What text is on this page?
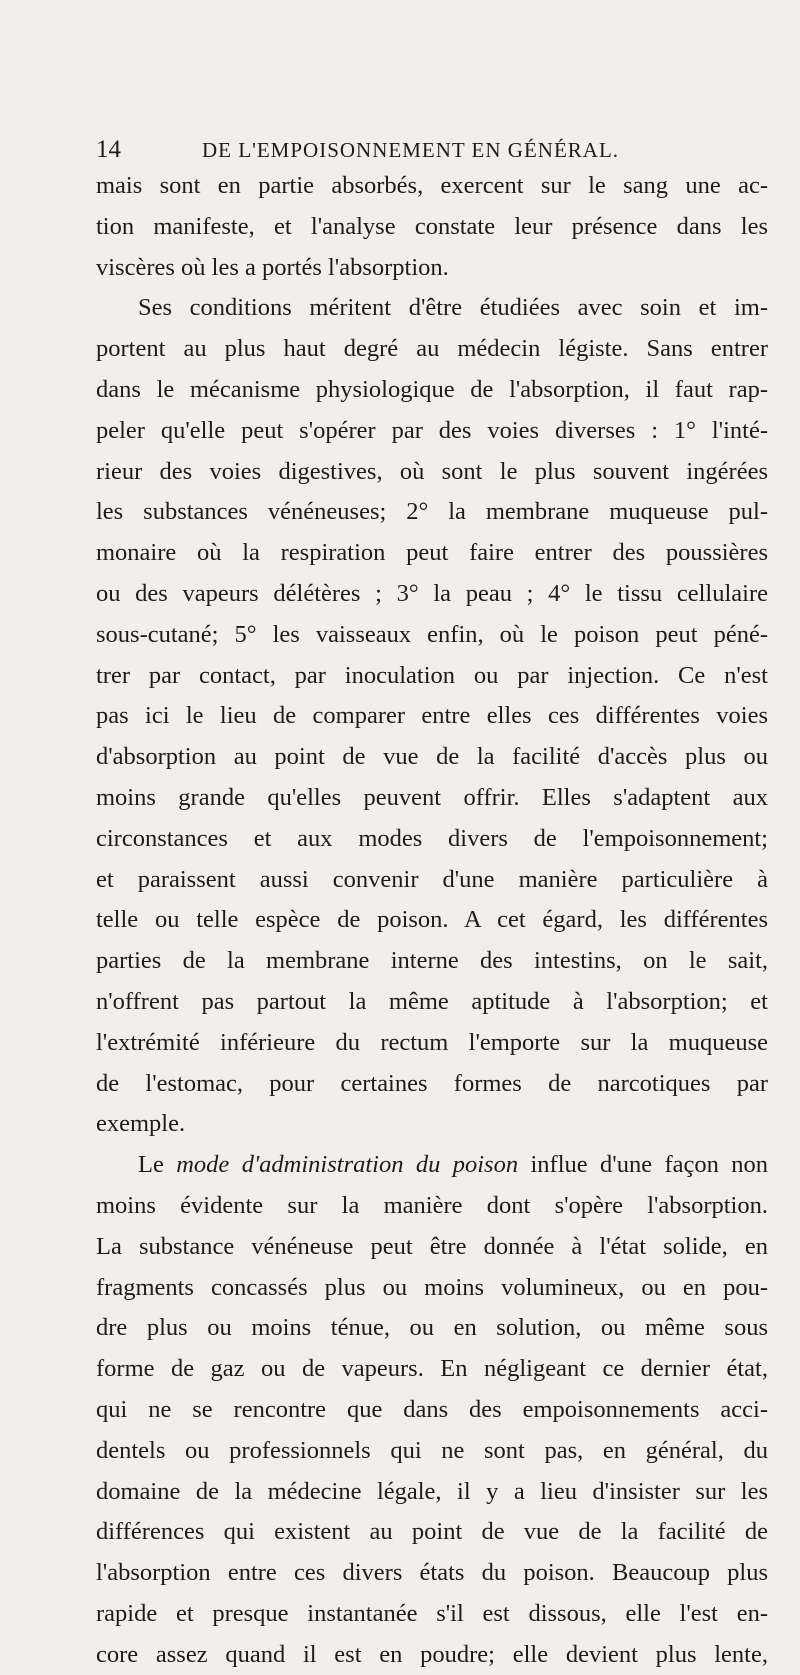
14	DE L'EMPOISONNEMENT EN GÉNÉRAL.
mais sont en partie absorbés, exercent sur le sang une ac-
tion manifeste, et l'analyse constate leur présence dans les
viscères où les a portés l'absorption.
Ses conditions méritent d'être étudiées avec soin et im-
portent au plus haut degré au médecin légiste. Sans entrer
dans le mécanisme physiologique de l'absorption, il faut rap-
peler qu'elle peut s'opérer par des voies diverses : 1° l'inté-
rieur des voies digestives, où sont le plus souvent ingérées
les substances vénéneuses; 2° la membrane muqueuse pul-
monaire où la respiration peut faire entrer des poussières
ou des vapeurs délétères ; 3° la peau ; 4° le tissu cellulaire
sous-cutané; 5° les vaisseaux enfin, où le poison peut péné-
trer par contact, par inoculation ou par injection. Ce n'est
pas ici le lieu de comparer entre elles ces différentes voies
d'absorption au point de vue de la facilité d'accès plus ou
moins grande qu'elles peuvent offrir. Elles s'adaptent aux
circonstances et aux modes divers de l'empoisonnement;
et paraissent aussi convenir d'une manière particulière à
telle ou telle espèce de poison. A cet égard, les différentes
parties de la membrane interne des intestins, on le sait,
n'offrent pas partout la même aptitude à l'absorption; et
l'extrémité inférieure du rectum l'emporte sur la muqueuse
de l'estomac, pour certaines formes de narcotiques par
exemple.
Le mode d'administration du poison influe d'une façon non
moins évidente sur la manière dont s'opère l'absorption.
La substance vénéneuse peut être donnée à l'état solide, en
fragments concassés plus ou moins volumineux, ou en pou-
dre plus ou moins ténue, ou en solution, ou même sous
forme de gaz ou de vapeurs. En négligeant ce dernier état,
qui ne se rencontre que dans des empoisonnements acci-
dentels ou professionnels qui ne sont pas, en général, du
domaine de la médecine légale, il y a lieu d'insister sur les
différences qui existent au point de vue de la facilité de
l'absorption entre ces divers états du poison. Beaucoup plus
rapide et presque instantanée s'il est dissous, elle l'est en-
core assez quand il est en poudre; elle devient plus lente,
